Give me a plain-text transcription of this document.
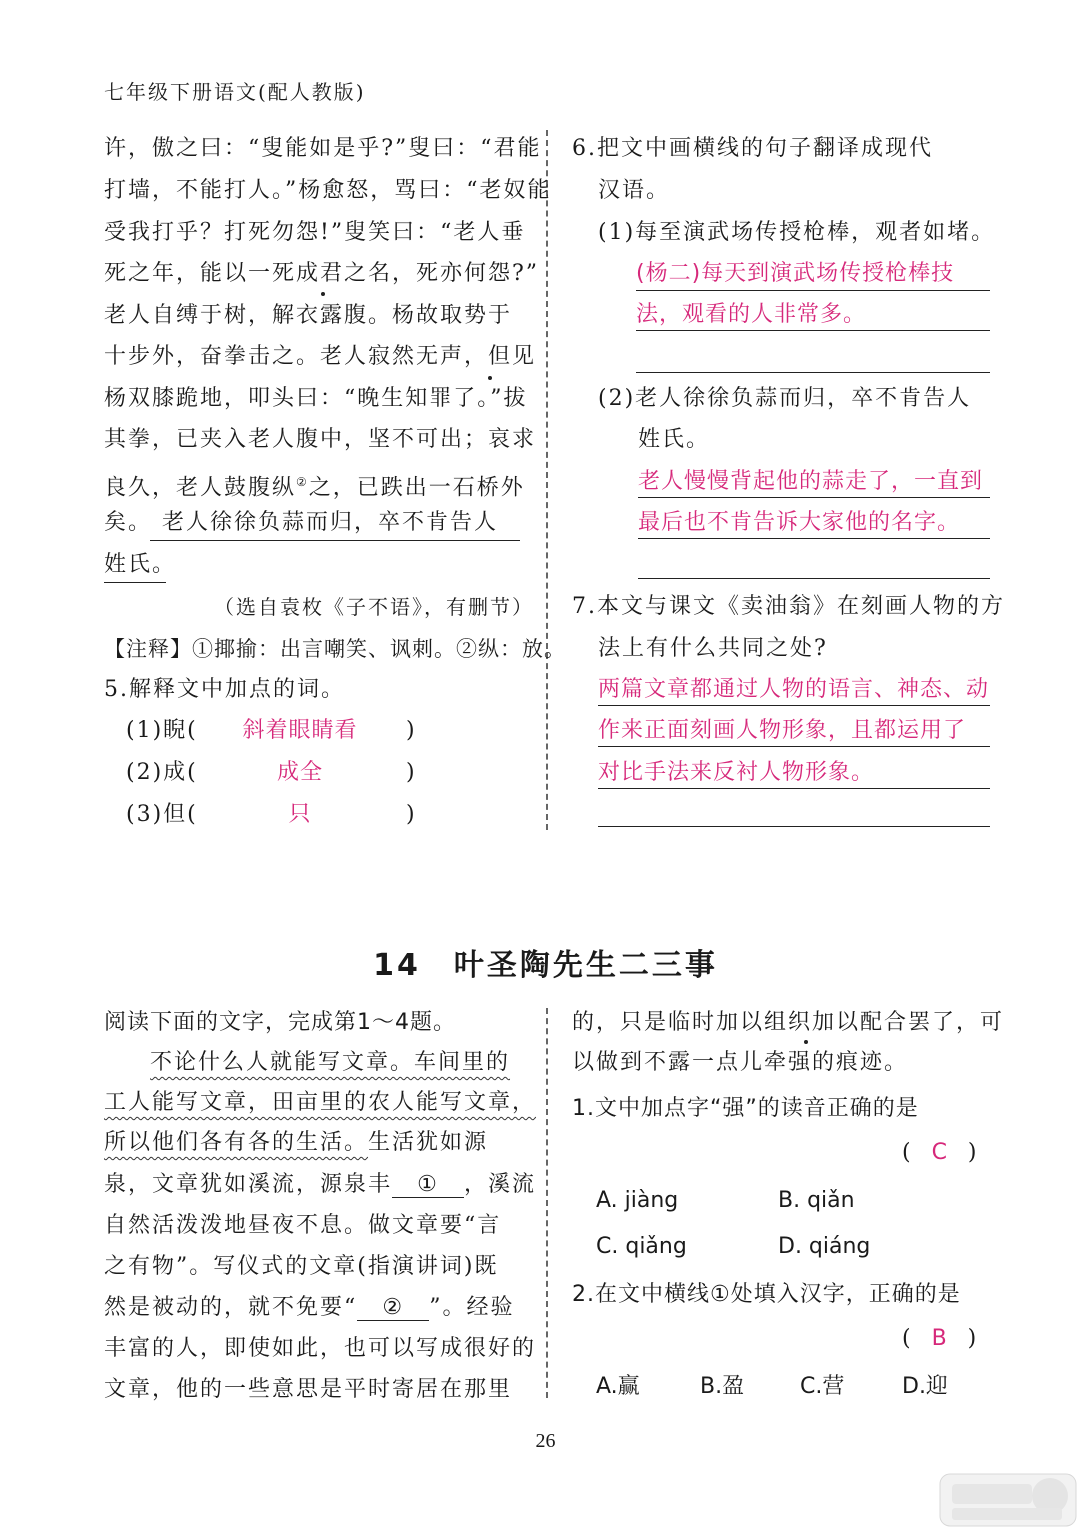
七年级下册语文(配人教版)
许，傲之曰：“叟能如是乎?”叟曰：“君能
打墙，不能打人。”杨愈怒，骂曰：“老奴能
受我打乎？打死勿怨!”叟笑曰：“老人垂
死之年，能以一死成君之名，死亦何怨?”
老人自缚于树，解衣露腹。杨故取势于
十步外，奋拳击之。老人寂然无声，但见
杨双膝跪地，叩头曰：“晚生知罪了。”拔
其拳，已夹入老人腹中，坚不可出；哀求
良久，老人鼓腹纵②之，已跌出一石桥外
矣。 老人徐徐负蒜而归，卒不肯告人
姓氏。
（选自袁枚《子不语》，有删节）
【注释】①揶揄：出言嘲笑、讽刺。②纵：放。
5.解释文中加点的词。
(1)睨( 斜着眼睛看 )
(2)成(	成全	)
(3)但(	只	)
6.把文中画横线的句子翻译成现代
汉语。
(1)每至演武场传授枪棒，观者如堵。
(杨二)每天到演武场传授枪棒技
法，观看的人非常多。
(2)老人徐徐负蒜而归，卒不肯告人
姓氏。
老人慢慢背起他的蒜走了，一直到
最后也不肯告诉大家他的名字。
7.本文与课文《卖油翁》在刻画人物的方
法上有什么共同之处?
两篇文章都通过人物的语言、神态、动
作来正面刻画人物形象，且都运用了
对比手法来反衬人物形象。
14　叶圣陶先生二三事
阅读下面的文字，完成第1～4题。
不论什么人就能写文章。车间里的
工人能写文章，田亩里的农人能写文章，
所以他们各有各的生活。生活犹如源
泉，文章犹如溪流，源泉丰 ① ，溪流
自然活泼泼地昼夜不息。做文章要“言
之有物”。写仪式的文章(指演讲词)既
然是被动的，就不免要“ ② ”。经验
丰富的人，即使如此，也可以写成很好的
文章，他的一些意思是平时寄居在那里
的，只是临时加以组织加以配合罢了，可
以做到不露一点儿牵强的痕迹。
1.文中加点字“强”的读音正确的是
(   C   )
A. jiàng	B. qiǎn
C. qiǎng	D. qiáng
2.在文中横线①处填入汉字，正确的是
(   B   )
A.赢	B.盈	C.营	D.迎
26
